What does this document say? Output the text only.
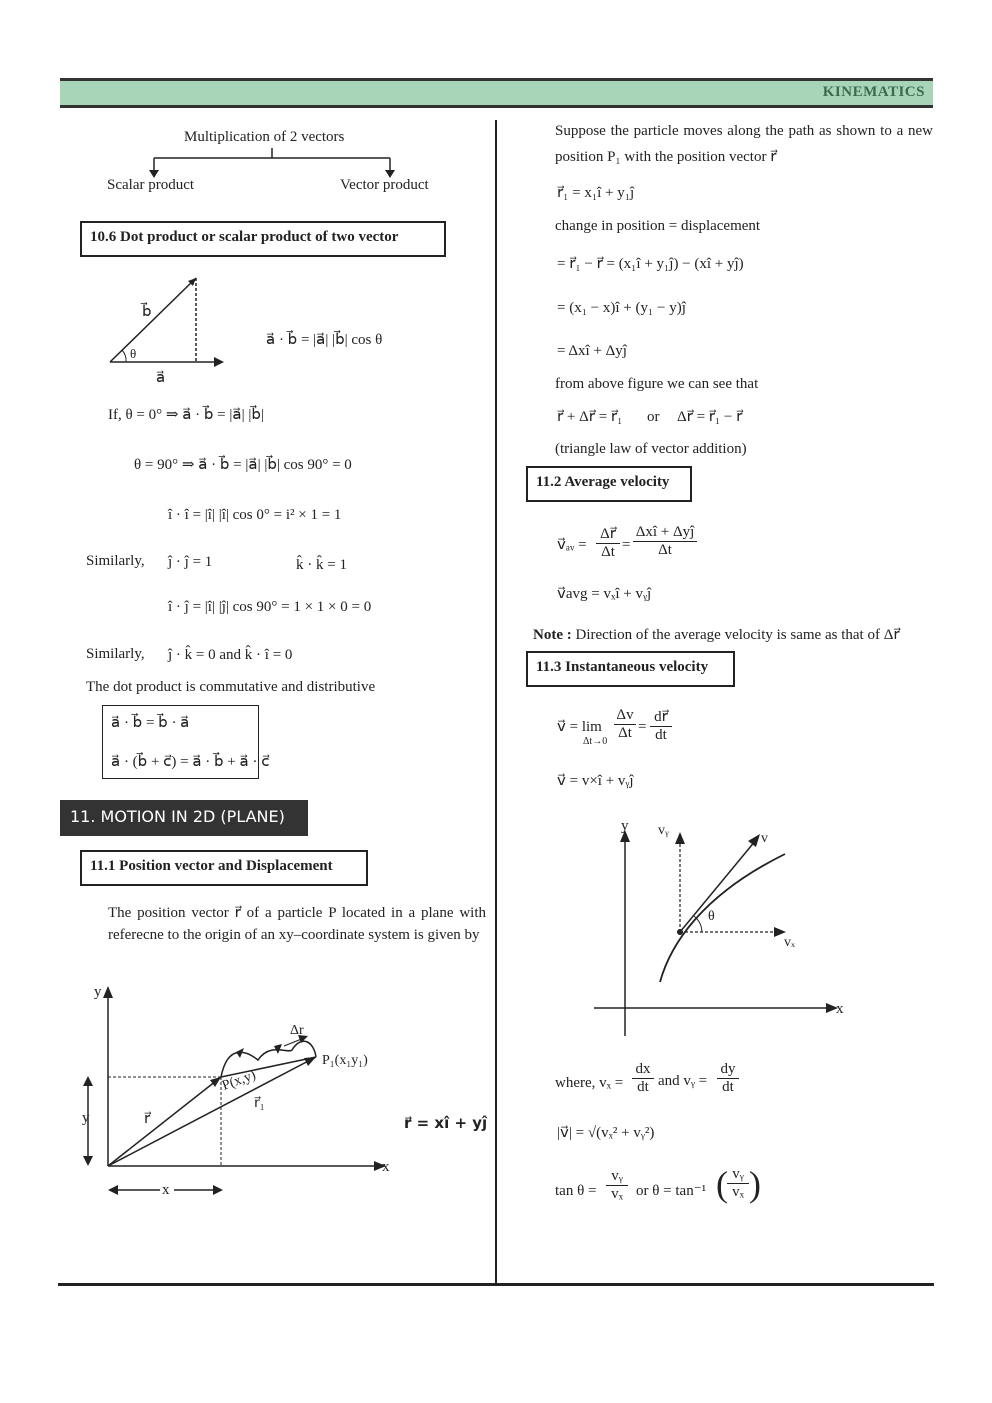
KINEMATICS
Multiplication of 2 vectors
Scalar product	Vector product
10.6 Dot product or scalar product of two vector
b⃗
θ
a⃗
a⃗ · b⃗ = |a⃗| |b⃗| cos θ
If, θ = 0° ⇒ a⃗ · b⃗ = |a⃗| |b⃗|
θ = 90° ⇒ a⃗ · b⃗ = |a⃗| |b⃗| cos 90° = 0
î · î = |î| |î| cos 0° = i² × 1 = 1
Similarly, ĵ · ĵ = 1	k̂ · k̂ = 1
î · ĵ = |î| |ĵ| cos 90° = 1 × 1 × 0 = 0
Similarly, ĵ · k̂ = 0 and k̂ · î = 0
The dot product is commutative and distributive
a⃗ · b⃗ = b⃗ · a⃗
a⃗ · (b⃗ + c⃗) = a⃗ · b⃗ + a⃗ · c⃗
11. MOTION IN 2D (PLANE)
11.1 Position vector and Displacement
The position vector r⃗ of a particle P located in a plane with referecne to the origin of an xy–coordinate system is given by
y
x
y
x
Δr
r⃗
r⃗₁
P(x,y)
P₁(x₁y₁)
r⃗ = xî + yĵ
Suppose the particle moves along the path as shown to a new position P₁ with the position vector r⃗
r⃗₁ = x₁î + y₁ĵ
change in position = displacement
= r⃗₁ − r⃗ = (x₁î + y₁ĵ) − (xî + yĵ)
= (x₁ − x)î + (y₁ − y)ĵ
= Δxî + Δyĵ
from above figure we can see that
r⃗ + Δr⃗ = r⃗₁ or Δr⃗ = r⃗₁ − r⃗
(triangle law of vector addition)
11.2 Average velocity
v⃗ₐᵥ = $\frac{\Delta r⃗}{\Delta t}$ =
Δxî + Δyĵ
Δt
v⃗avg = vₓî + vᵧĵ
Note : Direction of the average velocity is same as that of Δr⃗
11.3 Instantaneous velocity
v⃗ = lim
$\Delta t\to 0 \frac{\Delta v}{\Delta t} = \frac{dr⃗}{dt}$
v⃗ = v×î + vᵧĵ
y vᵧ
v
θ
vₓ
x
where, vₓ =
dx
dt and vᵧ =
dy
dt
|v⃗| = √(vₓ² + vᵧ²)
$\tan \theta = \frac{\text{vᵧ}}{\text{vₓ}}$ or θ = tan⁻¹ ( $\frac{\text{vᵧ}}{\text{vₓ}}$ )
